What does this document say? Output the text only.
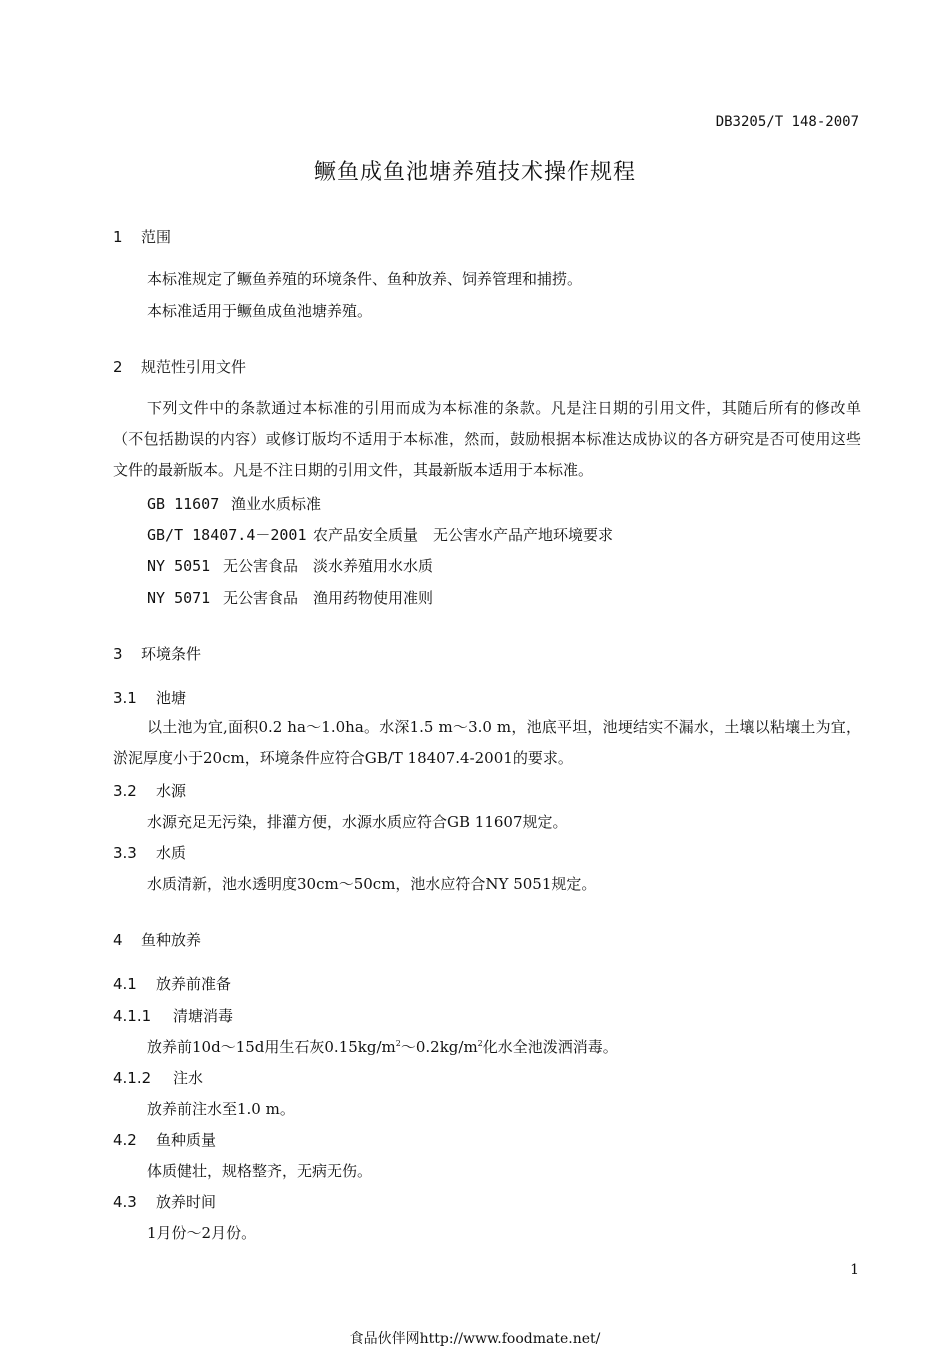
DB3205/T 148-2007
鳜鱼成鱼池塘养殖技术操作规程
1 范围
本标准规定了鳜鱼养殖的环境条件、鱼种放养、饲养管理和捕捞。
本标准适用于鳜鱼成鱼池塘养殖。
2 规范性引用文件
下列文件中的条款通过本标准的引用而成为本标准的条款。凡是注日期的引用文件，其随后所有的修改单（不包括勘误的内容）或修订版均不适用于本标准，然而，鼓励根据本标准达成协议的各方研究是否可使用这些文件的最新版本。凡是不注日期的引用文件，其最新版本适用于本标准。
GB 11607 渔业水质标准
GB/T 18407.4－2001 农产品安全质量　无公害水产品产地环境要求
NY 5051 无公害食品　淡水养殖用水水质
NY 5071 无公害食品　渔用药物使用准则
3 环境条件
3.1 池塘
以土池为宜,面积0.2 ha～1.0ha。水深1.5 m～3.0 m，池底平坦，池埂结实不漏水，土壤以粘壤土为宜，淤泥厚度小于20cm，环境条件应符合GB/T 18407.4-2001的要求。
3.2 水源
水源充足无污染，排灌方便，水源水质应符合GB 11607规定。
3.3 水质
水质清新，池水透明度30cm～50cm，池水应符合NY 5051规定。
4 鱼种放养
4.1 放养前准备
4.1.1 清塘消毒
放养前10d～15d用生石灰$0.15kg/m^2\sim 0.2kg/m^2$化水全池泼洒消毒。
4.1.2 注水
放养前注水至1.0 m。
4.2 鱼种质量
体质健壮，规格整齐，无病无伤。
4.3 放养时间
1月份～2月份。
1
食品伙伴网http://www.foodmate.net/
